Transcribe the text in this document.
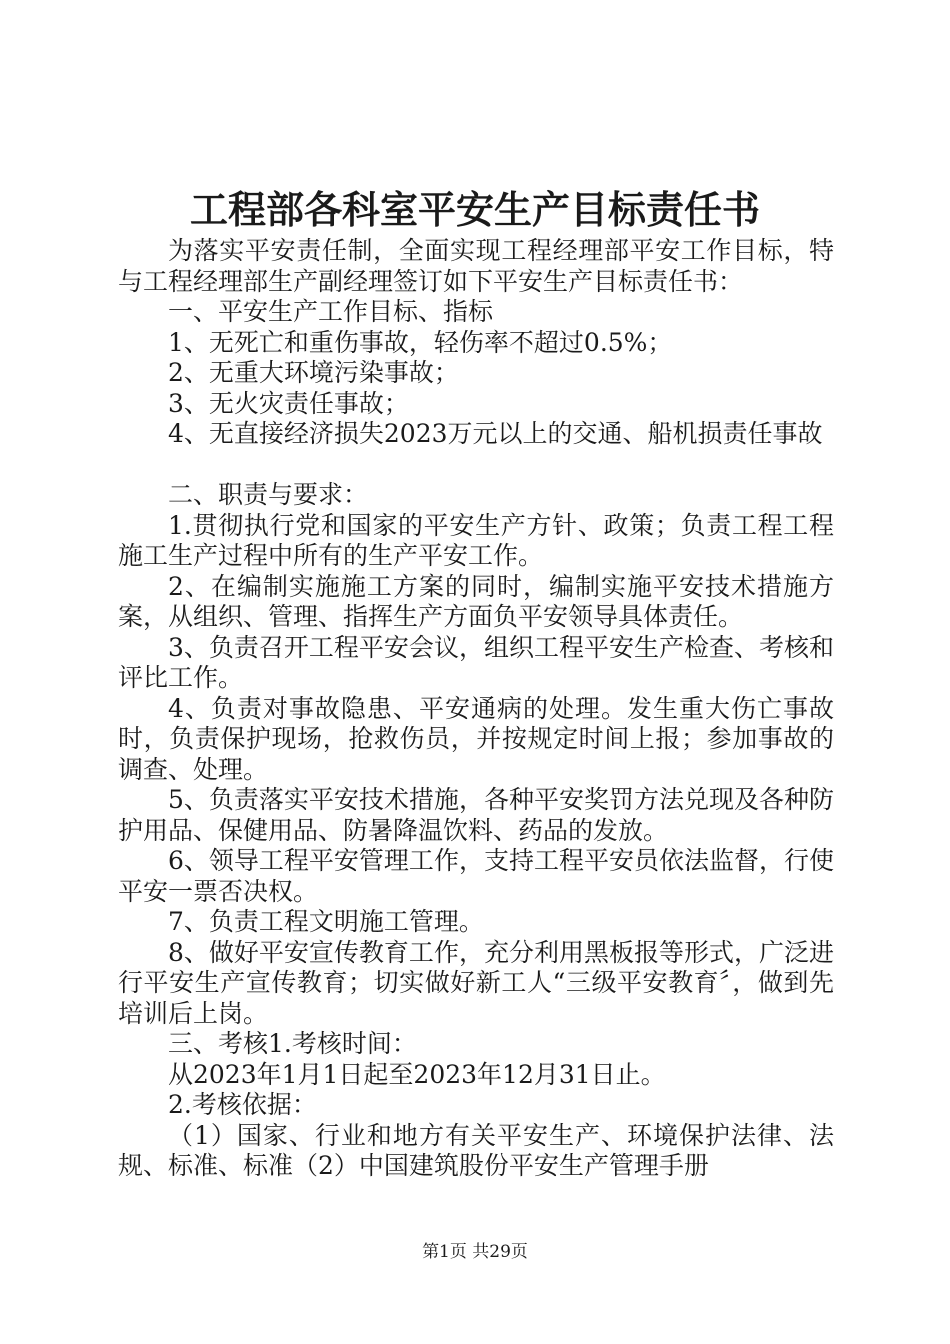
工程部各科室平安生产目标责任书

为落实平安责任制，全面实现工程经理部平安工作目标，特与工程经理部生产副经理签订如下平安生产目标责任书：

一、平安生产工作目标、指标

1、无死亡和重伤事故，轻伤率不超过0.5%；

2、无重大环境污染事故；

3、无火灾责任事故；

4、无直接经济损失2023万元以上的交通、船机损责任事故

二、职责与要求：

1.贯彻执行党和国家的平安生产方针、政策；负责工程工程施工生产过程中所有的生产平安工作。

2、在编制实施施工方案的同时，编制实施平安技术措施方案，从组织、管理、指挥生产方面负平安领导具体责任。

3、负责召开工程平安会议，组织工程平安生产检查、考核和评比工作。

4、负责对事故隐患、平安通病的处理。发生重大伤亡事故时，负责保护现场，抢救伤员，并按规定时间上报；参加事故的调查、处理。

5、负责落实平安技术措施，各种平安奖罚方法兑现及各种防护用品、保健用品、防暑降温饮料、药品的发放。

6、领导工程平安管理工作，支持工程平安员依法监督，行使平安一票否决权。

7、负责工程文明施工管理。

8、做好平安宣传教育工作，充分利用黑板报等形式，广泛进行平安生产宣传教育；切实做好新工人“三级平安教育〞，做到先培训后上岗。

三、考核1.考核时间：

从2023年1月1日起至2023年12月31日止。

2.考核依据：

（1）国家、行业和地方有关平安生产、环境保护法律、法规、标准、标准（2）中国建筑股份平安生产管理手册

第1页 共29页
